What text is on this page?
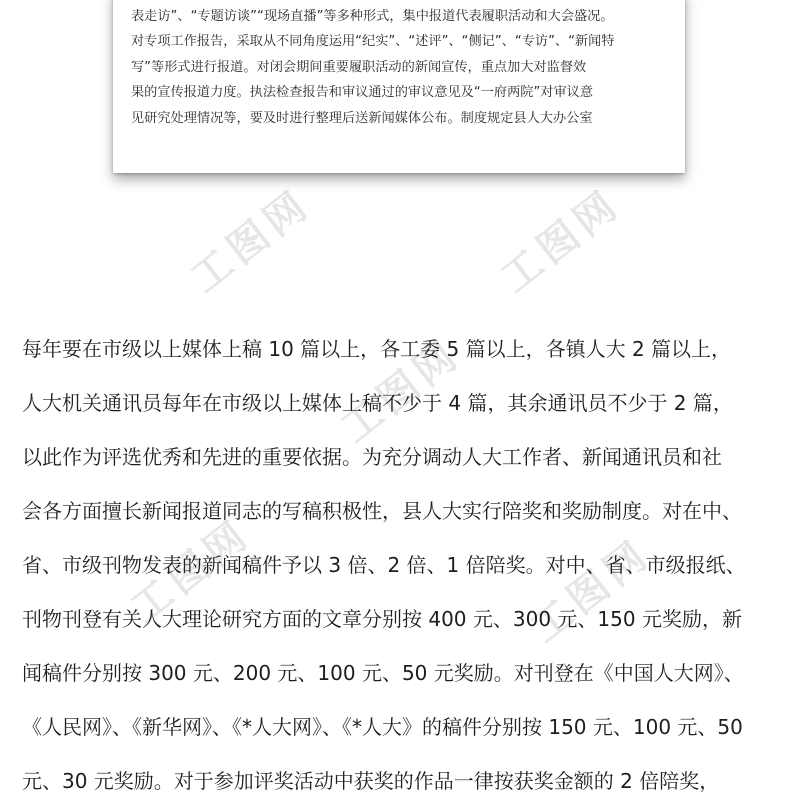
表走访”、“专题访谈”“现场直播”等多种形式，集中报道代表履职活动和大会盛况。
对专项工作报告，采取从不同角度运用“纪实”、“述评”、“侧记”、“专访”、“新闻特
写”等形式进行报道。对闭会期间重要履职活动的新闻宣传，重点加大对监督效
果的宣传报道力度。执法检查报告和审议通过的审议意见及“一府两院”对审议意
见研究处理情况等，要及时进行整理后送新闻媒体公布。制度规定县人大办公室

工图网	工图网
工图网
工图网	工图网
每年要在市级以上媒体上稿 10 篇以上，各工委 5 篇以上，各镇人大 2 篇以上，
人大机关通讯员每年在市级以上媒体上稿不少于 4 篇，其余通讯员不少于 2 篇，
以此作为评选优秀和先进的重要依据。为充分调动人大工作者、新闻通讯员和社
会各方面擅长新闻报道同志的写稿积极性，县人大实行陪奖和奖励制度。对在中、
省、市级刊物发表的新闻稿件予以 3 倍、2 倍、1 倍陪奖。对中、省、市级报纸、
刊物刊登有关人大理论研究方面的文章分别按 400 元、300 元、150 元奖励，新
闻稿件分别按 300 元、200 元、100 元、50 元奖励。对刊登在《中国人大网》、
《人民网》、《新华网》、《*人大网》、《*人大》的稿件分别按 150 元、100 元、50
元、30 元奖励。对于参加评奖活动中获奖的作品一律按获奖金额的 2 倍陪奖，
